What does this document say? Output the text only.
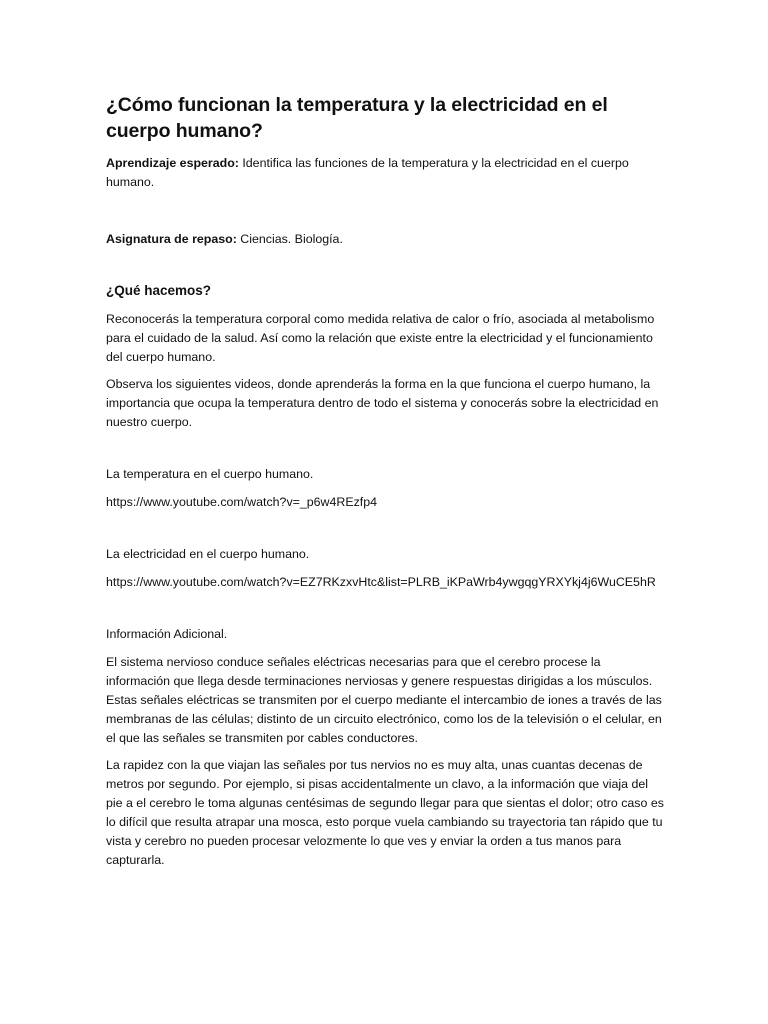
¿Cómo funcionan la temperatura y la electricidad en el cuerpo humano?

Aprendizaje esperado: Identifica las funciones de la temperatura y la electricidad en el cuerpo humano.

Asignatura de repaso: Ciencias. Biología.

¿Qué hacemos?

Reconocerás la temperatura corporal como medida relativa de calor o frío, asociada al metabolismo para el cuidado de la salud. Así como la relación que existe entre la electricidad y el funcionamiento del cuerpo humano.

Observa los siguientes videos, donde aprenderás la forma en la que funciona el cuerpo humano, la importancia que ocupa la temperatura dentro de todo el sistema y conocerás sobre la electricidad en nuestro cuerpo.

La temperatura en el cuerpo humano.

https://www.youtube.com/watch?v=_p6w4REzfp4

La electricidad en el cuerpo humano.

https://www.youtube.com/watch?v=EZ7RKzxvHtc&list=PLRB_iKPaWrb4ywgqgYRXYkj4j6WuCE5hR

Información Adicional.

El sistema nervioso conduce señales eléctricas necesarias para que el cerebro procese la información que llega desde terminaciones nerviosas y genere respuestas dirigidas a los músculos. Estas señales eléctricas se transmiten por el cuerpo mediante el intercambio de iones a través de las membranas de las células; distinto de un circuito electrónico, como los de la televisión o el celular, en el que las señales se transmiten por cables conductores.

La rapidez con la que viajan las señales por tus nervios no es muy alta, unas cuantas decenas de metros por segundo. Por ejemplo, si pisas accidentalmente un clavo, a la información que viaja del pie a el cerebro le toma algunas centésimas de segundo llegar para que sientas el dolor; otro caso es lo difícil que resulta atrapar una mosca, esto porque vuela cambiando su trayectoria tan rápido que tu vista y cerebro no pueden procesar velozmente lo que ves y enviar la orden a tus manos para capturarla.
